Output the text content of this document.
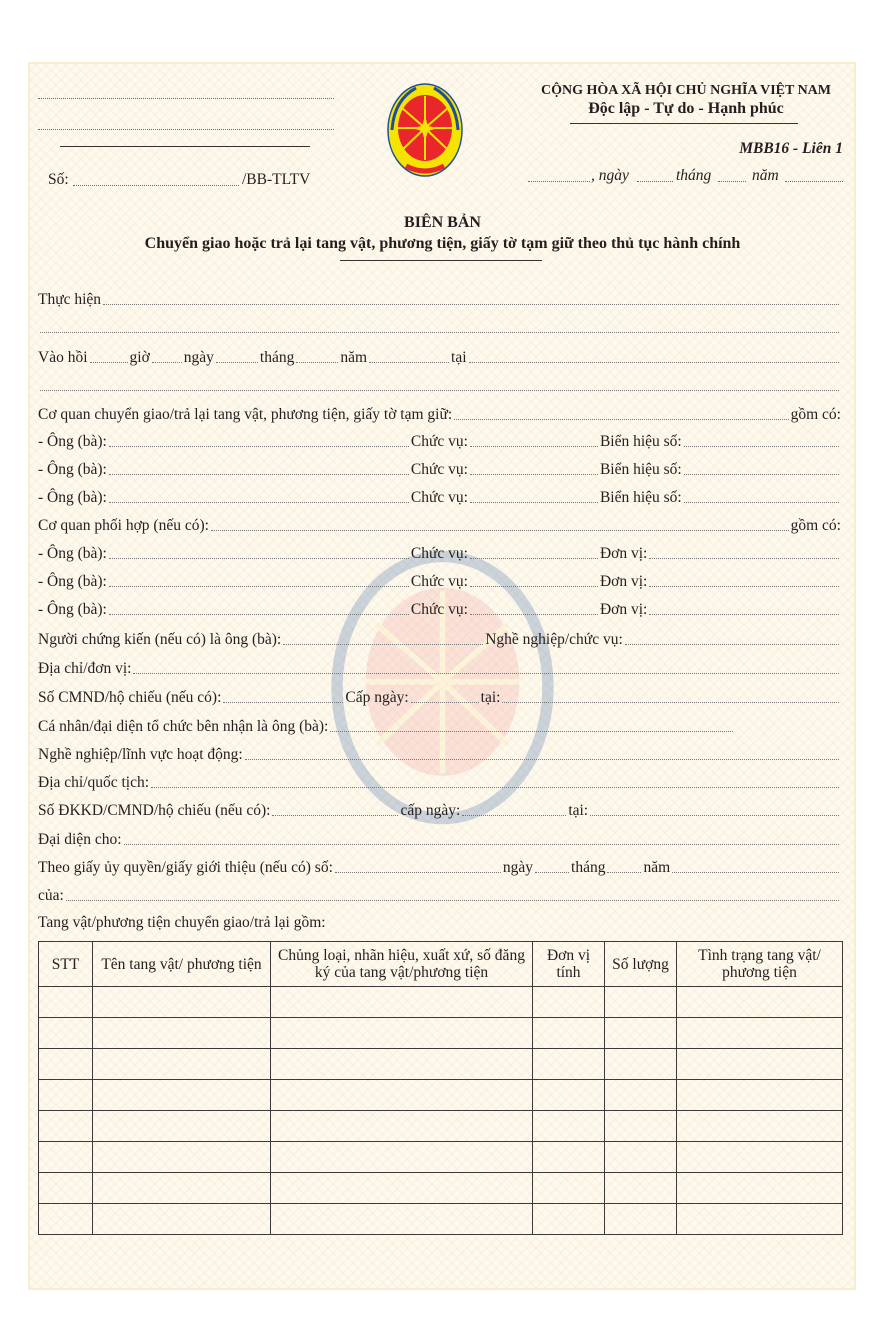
Số:	/BB-TLTV
CỘNG HÒA XÃ HỘI CHỦ NGHĨA VIỆT NAM
Độc lập - Tự do - Hạnh phúc
MBB16 - Liên 1
, ngày	tháng	năm
BIÊN BẢN
Chuyển giao hoặc trả lại tang vật, phương tiện, giấy tờ tạm giữ theo thủ tục hành chính
Thực hiện
Vào hồi	giờ ngày	tháng	năm	tại
Cơ quan chuyển giao/trả lại tang vật, phương tiện, giấy tờ tạm giữ:	gồm có:
- Ông (bà):	Chức vụ:	Biển hiệu số:
- Ông (bà):	Chức vụ:	Biển hiệu số:
- Ông (bà):	Chức vụ:	Biển hiệu số:
Cơ quan phối hợp (nếu có):	gồm có:
- Ông (bà):	Chức vụ:	Đơn vị:
- Ông (bà):	Chức vụ:	Đơn vị:
- Ông (bà):	Chức vụ:	Đơn vị:
Người chứng kiến (nếu có) là ông (bà):	Nghề nghiệp/chức vụ:
Địa chỉ/đơn vị:
Số CMND/hộ chiếu (nếu có):	Cấp ngày:	tại:
Cá nhân/đại diện tổ chức bên nhận là ông (bà):
Nghề nghiệp/lĩnh vực hoạt động:
Địa chỉ/quốc tịch:
Số ĐKKD/CMND/hộ chiếu (nếu có):	cấp ngày:	tại:
Đại diện cho:
Theo giấy ủy quyền/giấy giới thiệu (nếu có) số:	ngày tháng năm
của:
Tang vật/phương tiện chuyển giao/trả lại gồm:
STT	Tên tang vật/ phương tiện	Chủng loại, nhãn hiệu, xuất xứ, số đăng ký của tang vật/phương tiện	Đơn vị tính	Số lượng	Tình trạng tang vật/ phương tiện
